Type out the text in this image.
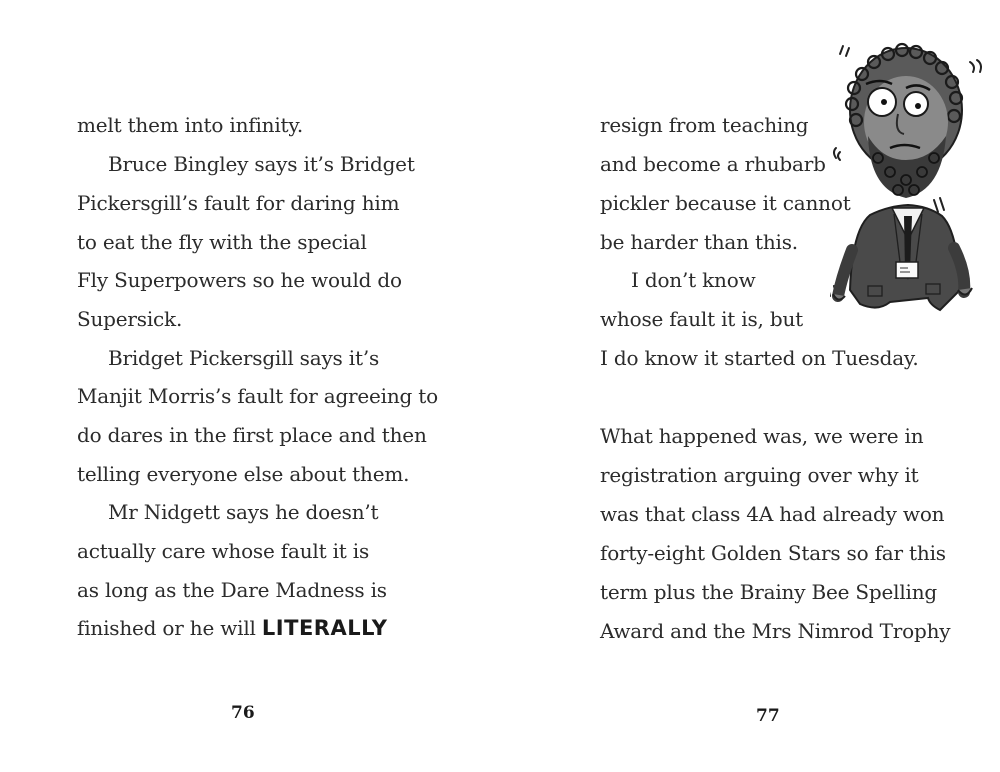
melt them into infinity.
Bruce Bingley says it’s Bridget
Pickersgill’s fault for daring him
to eat the fly with the special
Fly Superpowers so he would do
Supersick.
Bridget Pickersgill says it’s
Manjit Morris’s fault for agreeing to
do dares in the first place and then
telling everyone else about them.
Mr Nidgett says he doesn’t
actually care whose fault it is
as long as the Dare Madness is
finished or he will LITERALLY
76
resign from teaching
and become a rhubarb
pickler because it cannot
be harder than this.
I don’t know
whose fault it is, but
I do know it started on Tuesday.
What happened was, we were in
registration arguing over why it
was that class 4A had already won
forty-eight Golden Stars so far this
term plus the Brainy Bee Spelling
Award and the Mrs Nimrod Trophy
77
